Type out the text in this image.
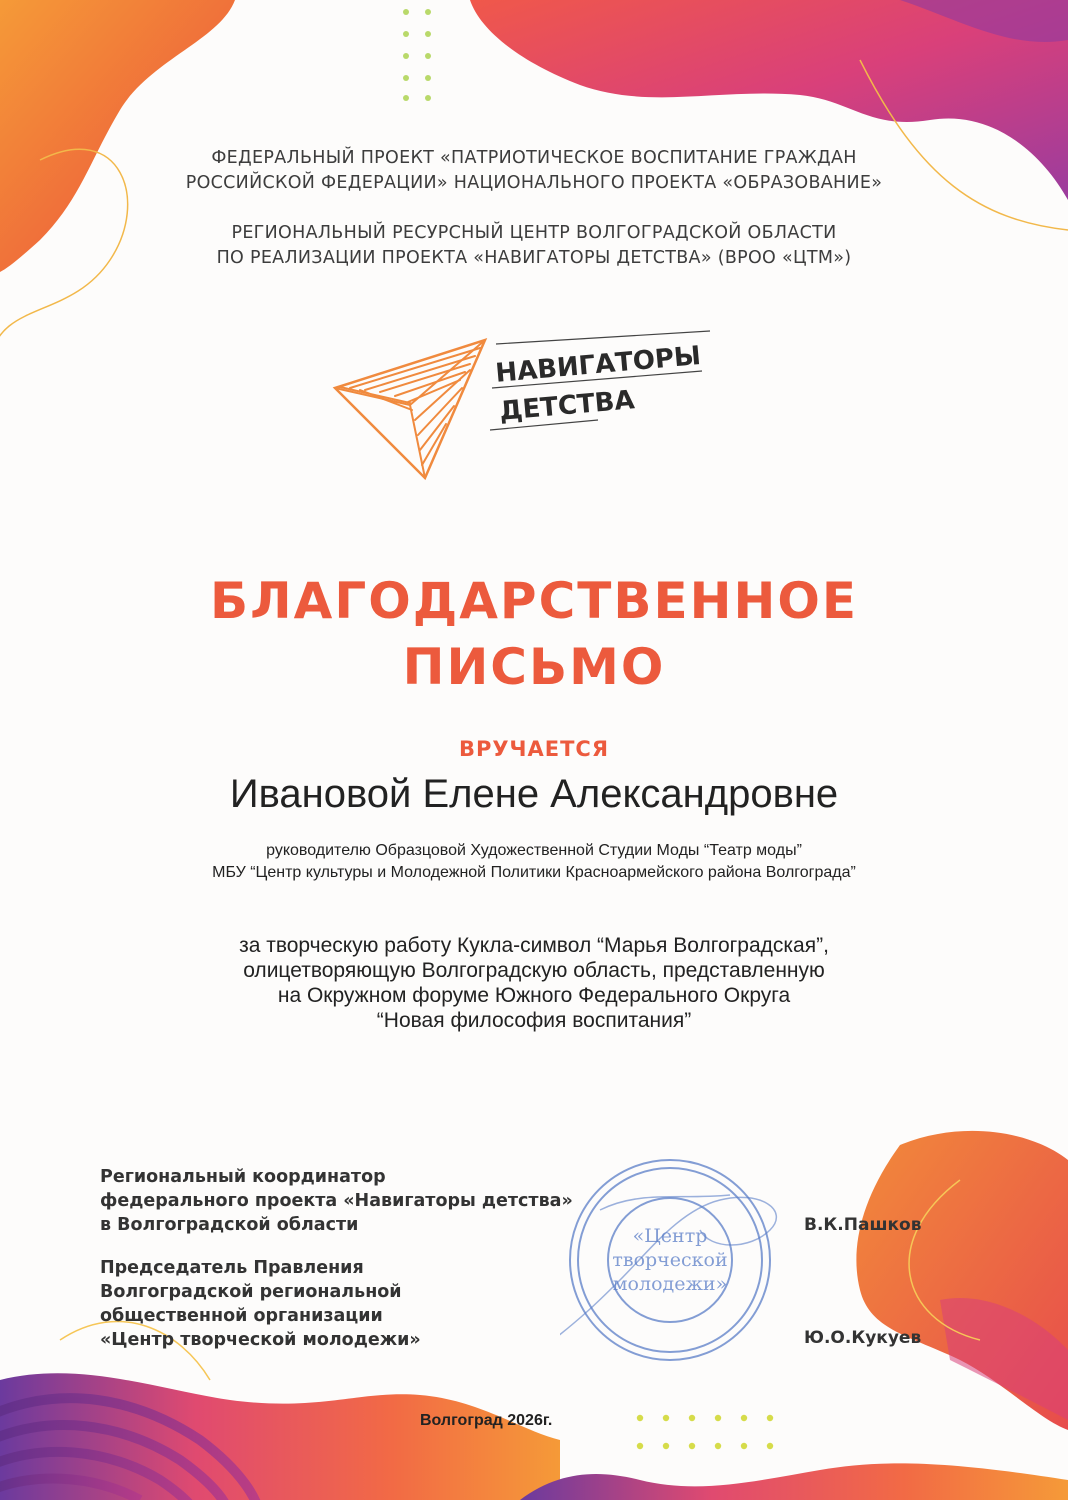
ФЕДЕРАЛЬНЫЙ ПРОЕКТ «ПАТРИОТИЧЕСКОЕ ВОСПИТАНИЕ ГРАЖДАН
РОССИЙСКОЙ ФЕДЕРАЦИИ» НАЦИОНАЛЬНОГО ПРОЕКТА «ОБРАЗОВАНИЕ»
РЕГИОНАЛЬНЫЙ РЕСУРСНЫЙ ЦЕНТР ВОЛГОГРАДСКОЙ ОБЛАСТИ
ПО РЕАЛИЗАЦИИ ПРОЕКТА «НАВИГАТОРЫ ДЕТСТВА» (ВРОО «ЦТМ»)
НАВИГАТОРЫ
ДЕТСТВА
БЛАГОДАРСТВЕННОЕ
ПИСЬМО
ВРУЧАЕТСЯ
Ивановой Елене Александровне
руководителю Образцовой Художественной Студии Моды “Театр моды”
МБУ “Центр культуры и Молодежной Политики Красноармейского района Волгограда”
за творческую работу Кукла-символ “Марья Волгоградская”,
олицетворяющую Волгоградскую область, представленную
на Окружном форуме Южного Федерального Округа
“Новая философия воспитания”
Региональный координатор
федерального проекта «Навигаторы детства»
в Волгоградской области	В.К.Пашков
Председатель Правления
Волгоградской региональной
общественной организации
«Центр творческой молодежи»	Ю.О.Кукуев
«Центр
творческой
молодежи»
Волгоград 2026г.
